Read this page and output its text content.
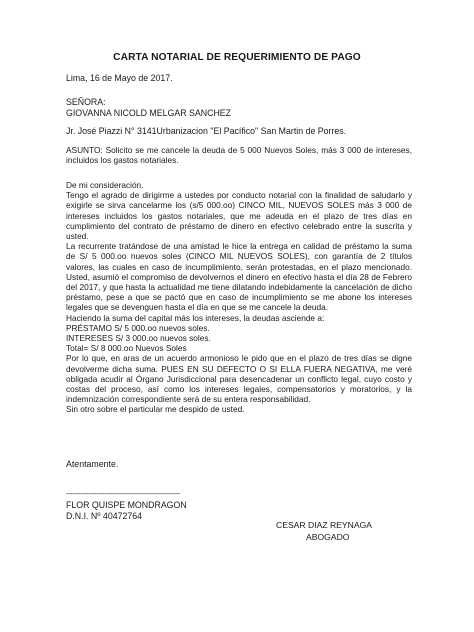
CARTA NOTARIAL DE REQUERIMIENTO DE PAGO
Lima, 16 de Mayo de 2017.
SEÑORA:
GIOVANNA NICOLD MELGAR SANCHEZ
Jr. José Piazzi N° 3141Urbanizacion "El Pacífico" San Martin de Porres.

ASUNTO: Solicito se me cancele la deuda de 5 000 Nuevos Soles, más 3 000 de intereses, incluidos los gastos notariales.

De mi consideración.

Tengo el agrado de dirigirme a ustedes por conducto notarial con la finalidad de saludarlo y exigirle se sirva cancelarme los (s/5 000.oo) CINCO MIL, NUEVOS SOLES más 3 000 de intereses incluidos los gastos notariales, que me adeuda en el plazo de tres días en cumplimiento del contrato de préstamo de dinero en efectivo celebrado entre la suscrita y usted.

La recurrente tratándose de una amistad le hice la entrega en calidad de préstamo la suma de S/ 5 000.oo nuevos soles (CINCO MIL NUEVOS SOLES), con garantía de 2 títulos valores, las cuales en caso de incumplimiento, serán protestadas, en el plazo mencionado. Usted, asumió el compromiso de devolvernos el dinero en efectivo hasta el día 28 de Febrero del 2017, y que hasta la actualidad me tiene dilatando indebidamente la cancelación de dicho préstamo, pese a que se pactó que en caso de incumplimiento se me abone los intereses legales que se devenguen hasta el día en que se me cancele la deuda.

Haciendo la suma del capital más los intereses, la deudas asciende a:

PRÉSTAMO S/ 5 000.oo nuevos soles.

INTERESES S/ 3 000.oo nuevos soles.

Total= S/ 8 000.oo Nuevos Soles

Por lo que, en aras de un acuerdo armonioso le pido que en el plazo de tres días se digne devolverme dicha suma. PUES EN SU DEFECTO O SI ELLA FUERA NEGATIVA, me veré obligada acudir al Órgano Jurisdiccional para desencadenar un conflicto legal, cuyo costo y costas del proceso, así como los intereses legales, compensatorios y moratorios, y la indemnización correspondiente será de su entera responsabilidad.

Sin otro sobre el particular me despido de usted.

Atentamente.
--------------------------------------------------------
FLOR QUISPE MONDRAGON
D.N.I. Nº 40472764
CESAR DIAZ REYNAGA
ABOGADO
